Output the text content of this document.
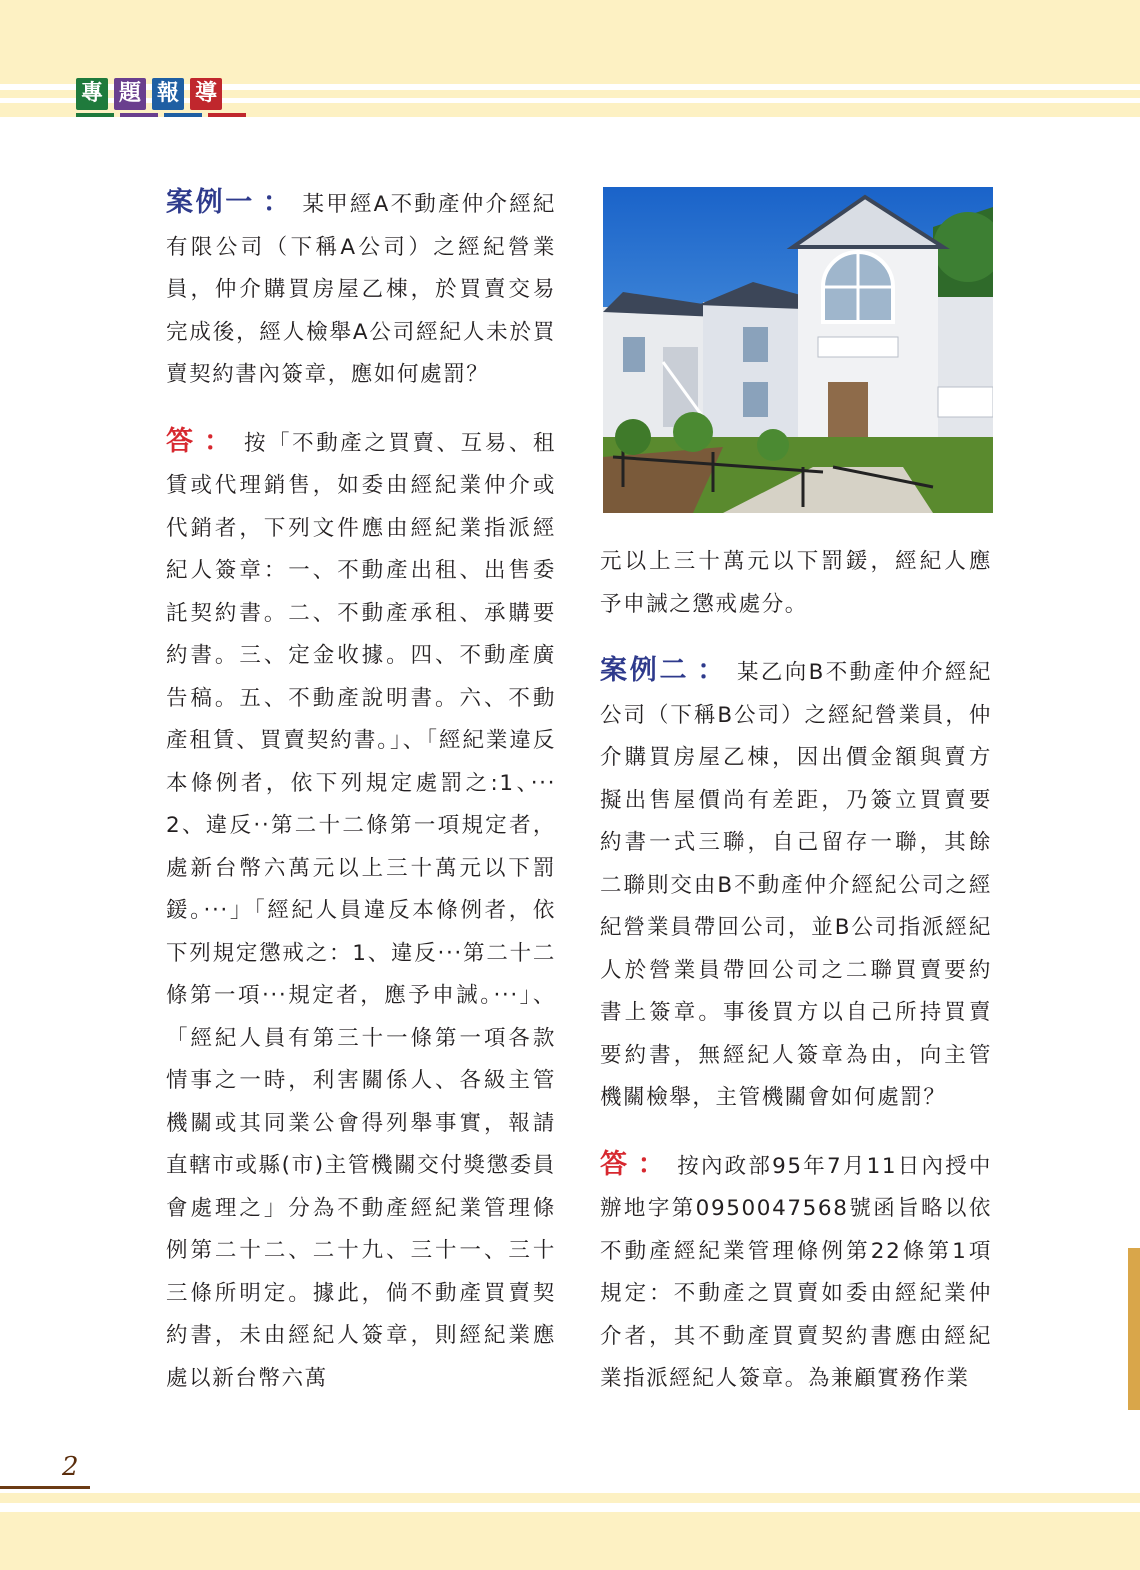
專 題 報 導

案例一 ： 某甲經A不動產仲介經紀有限公司（下稱A公司）之經紀營業員，仲介購買房屋乙棟，於買賣交易完成後，經人檢舉A公司經紀人未於買賣契約書內簽章，應如何處罰？

答 ： 按「不動產之買賣、互易、租賃或代理銷售，如委由經紀業仲介或代銷者，下列文件應由經紀業指派經紀人簽章：一、不動產出租、出售委託契約書。二、不動產承租、承購要約書。三、定金收據。四、不動產廣告稿。五、不動產說明書。六、不動產租賃、買賣契約書。」、「經紀業違反本條例者，依下列規定處罰之:1、‧‧‧2、違反‧‧第二十二條第一項規定者，處新台幣六萬元以上三十萬元以下罰鍰。‧‧‧」「經紀人員違反本條例者，依下列規定懲戒之：1、違反‧‧‧第二十二條第一項‧‧‧規定者，應予申誡。‧‧‧」、「經紀人員有第三十一條第一項各款情事之一時，利害關係人、各級主管機關或其同業公會得列舉事實，報請直轄市或縣(市)主管機關交付獎懲委員會處理之」分為不動產經紀業管理條例第二十二、二十九、三十一、三十三條所明定。據此，倘不動產買賣契約書，未由經紀人簽章，則經紀業應處以新台幣六萬

元以上三十萬元以下罰鍰，經紀人應予申誡之懲戒處分。

案例二 ： 某乙向B不動產仲介經紀公司（下稱B公司）之經紀營業員，仲介購買房屋乙棟，因出價金額與賣方擬出售屋價尚有差距，乃簽立買賣要約書一式三聯，自己留存一聯，其餘二聯則交由B不動產仲介經紀公司之經紀營業員帶回公司，並B公司指派經紀人於營業員帶回公司之二聯買賣要約書上簽章。事後買方以自己所持買賣要約書，無經紀人簽章為由，向主管機關檢舉，主管機關會如何處罰？

答 ： 按內政部95年7月11日內授中辦地字第0950047568號函旨略以依不動產經紀業管理條例第22條第1項規定：不動產之買賣如委由經紀業仲介者，其不動產買賣契約書應由經紀業指派經紀人簽章。為兼顧實務作業

2
